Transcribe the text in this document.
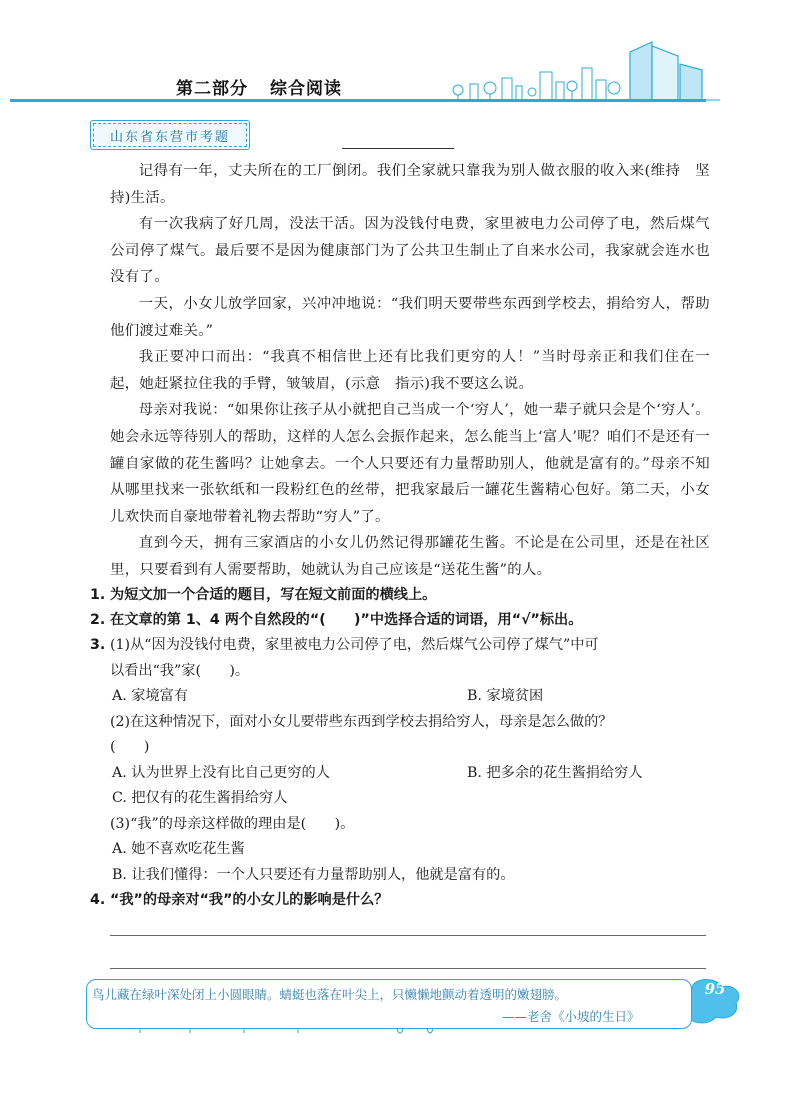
第二部分 综合阅读
山东省东营市考题

记得有一年，丈夫所在的工厂倒闭。我们全家就只靠我为别人做衣服的收入来(维持　坚持)生活。

有一次我病了好几周，没法干活。因为没钱付电费，家里被电力公司停了电，然后煤气公司停了煤气。最后要不是因为健康部门为了公共卫生制止了自来水公司，我家就会连水也没有了。

一天，小女儿放学回家，兴冲冲地说：“我们明天要带些东西到学校去，捐给穷人，帮助他们渡过难关。”

我正要冲口而出：“我真不相信世上还有比我们更穷的人！”当时母亲正和我们住在一起，她赶紧拉住我的手臂，皱皱眉，(示意　指示)我不要这么说。

母亲对我说：“如果你让孩子从小就把自己当成一个‘穷人’，她一辈子就只会是个‘穷人’。她会永远等待别人的帮助，这样的人怎么会振作起来，怎么能当上‘富人’呢？咱们不是还有一罐自家做的花生酱吗？让她拿去。一个人只要还有力量帮助别人，他就是富有的。”母亲不知从哪里找来一张软纸和一段粉红色的丝带，把我家最后一罐花生酱精心包好。第二天，小女儿欢快而自豪地带着礼物去帮助“穷人”了。

直到今天，拥有三家酒店的小女儿仍然记得那罐花生酱。不论是在公司里，还是在社区里，只要看到有人需要帮助，她就认为自己应该是“送花生酱”的人。

1. 为短文加一个合适的题目，写在短文前面的横线上。
2. 在文章的第 1、4 两个自然段的“(　　)”中选择合适的词语，用“√”标出。
3. (1)从“因为没钱付电费，家里被电力公司停了电，然后煤气公司停了煤气”中可
以看出“我”家(　　)。
A. 家境富有	B. 家境贫困
(2)在这种情况下，面对小女儿要带些东西到学校去捐给穷人，母亲是怎么做的？
(　　)
A. 认为世界上没有比自己更穷的人	B. 把多余的花生酱捐给穷人
C. 把仅有的花生酱捐给穷人
(3)“我”的母亲这样做的理由是(　　)。
A. 她不喜欢吃花生酱
B. 让我们懂得：一个人只要还有力量帮助别人，他就是富有的。
4. “我”的母亲对“我”的小女儿的影响是什么？
鸟儿藏在绿叶深处闭上小圆眼睛。蜻蜓也落在叶尖上，只懒懒地颤动着透明的嫩翅膀。
——老舍《小坡的生日》
95
